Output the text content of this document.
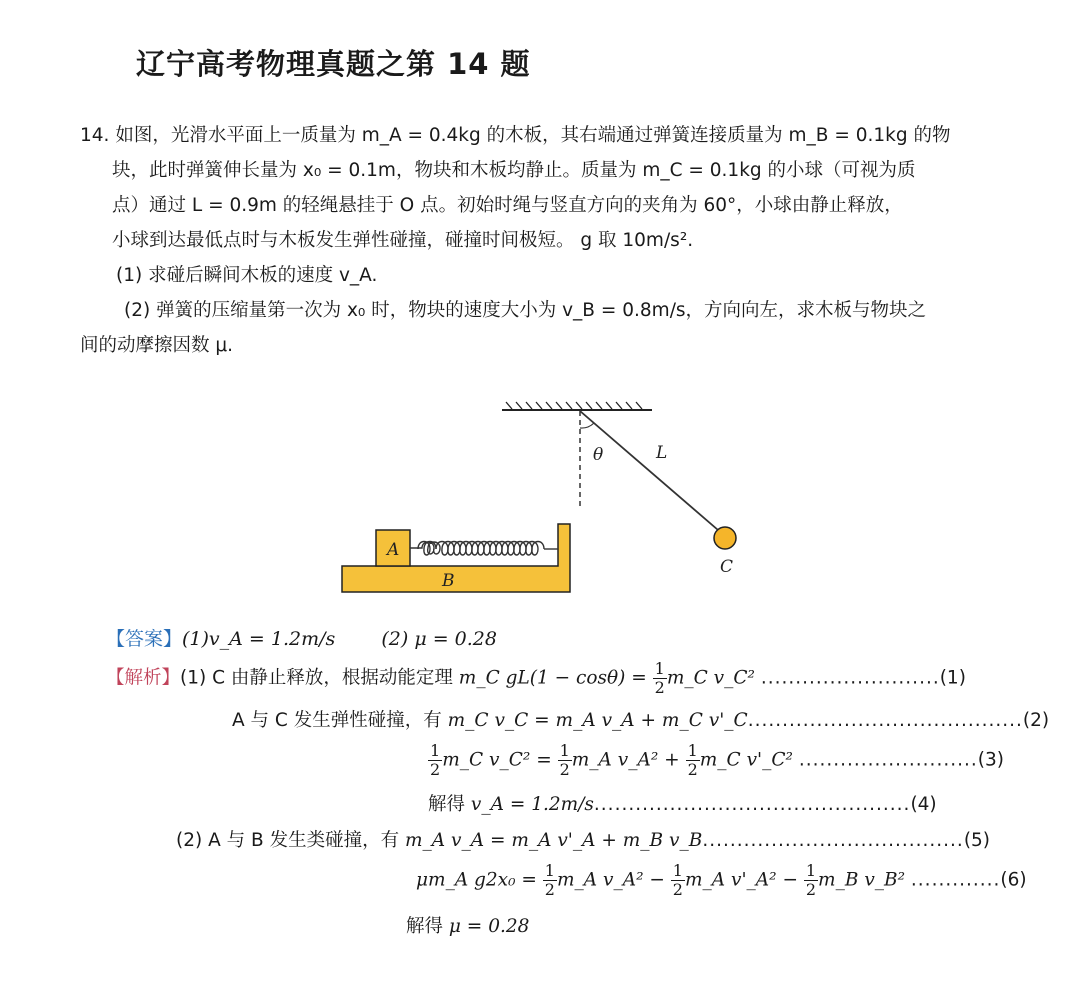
辽宁高考物理真题之第 14 题
14. 如图，光滑水平面上一质量为 m_A = 0.4kg 的木板，其右端通过弹簧连接质量为 m_B = 0.1kg 的物
块，此时弹簧伸长量为 x₀ = 0.1m，物块和木板均静止。质量为 m_C = 0.1kg 的小球（可视为质
点）通过 L = 0.9m 的轻绳悬挂于 O 点。初始时绳与竖直方向的夹角为 60°，小球由静止释放，
小球到达最低点时与木板发生弹性碰撞，碰撞时间极短。 g 取 10m/s².
(1) 求碰后瞬间木板的速度 v_A.
(2) 弹簧的压缩量第一次为 x₀ 时，物块的速度大小为 v_B = 0.8m/s，方向向左，求木板与物块之
间的动摩擦因数 μ.
θ	L
C
B
A
【答案】(1)v_A = 1.2m/s (2) μ = 0.28
【解析】(1) C 由静止释放，根据动能定理 m_C $gL(1 - \cos\theta) = \frac{1}{2}$ m_C v_C² ..........................(1)
A 与 C 发生弹性碰撞，有 m_C v_C = m_A v_A + m_C v'_C........................................(2)
$\frac{1}{2}$ m_C v_C² = $\frac{1}{2}$ m_A v_A² + $\frac{1}{2}$ m_C v'_C² ..........................(3)
解得 v_A = 1.2m/s..............................................(4)
(2) A 与 B 发生类碰撞，有 m_A v_A = m_A v'_A + m_B v_B......................................(5)
μm_A $g2x_0 = \frac{1}{2}$ m_A v_A² − $\frac{1}{2}$ m_A v'_A² − $\frac{1}{2}$ m_B v_B² .............(6)
解得 μ = 0.28
